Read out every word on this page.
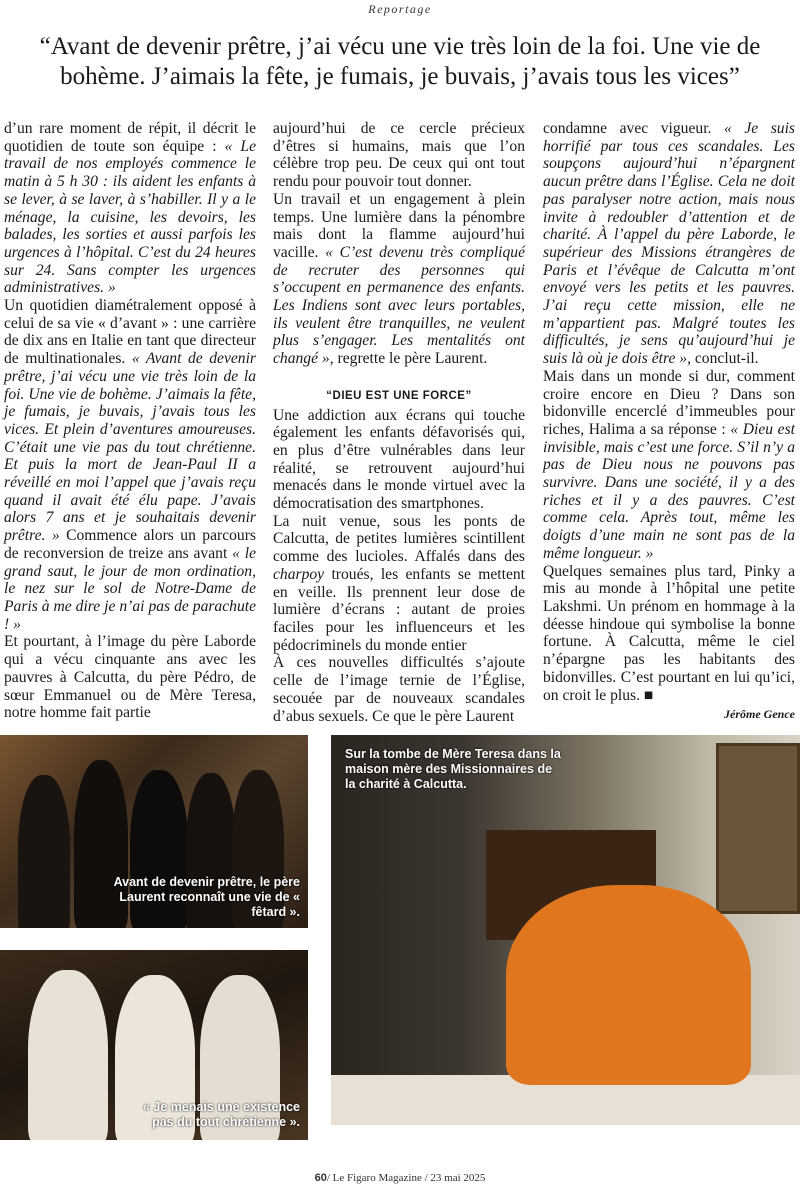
Reportage
“Avant de devenir prêtre, j’ai vécu une vie très loin de la foi. Une vie de bohème. J’aimais la fête, je fumais, je buvais, j’avais tous les vices”

d’un rare moment de répit, il décrit le quotidien de toute son équipe : « Le travail de nos employés commence le matin à 5 h 30 : ils aident les enfants à se lever, à se laver, à s’habiller. Il y a le ménage, la cuisine, les devoirs, les balades, les sorties et aussi parfois les urgences à l’hôpital. C’est du 24 heures sur 24. Sans compter les urgences administratives. »

Un quotidien diamétralement opposé à celui de sa vie « d’avant » : une carrière de dix ans en Italie en tant que directeur de multinationales. « Avant de devenir prêtre, j’ai vécu une vie très loin de la foi. Une vie de bohème. J’aimais la fête, je fumais, je buvais, j’avais tous les vices. Et plein d’aventures amoureuses. C’était une vie pas du tout chrétienne. Et puis la mort de Jean-Paul II a réveillé en moi l’appel que j’avais reçu quand il avait été élu pape. J’avais alors 7 ans et je souhaitais devenir prêtre. » Commence alors un parcours de reconversion de treize ans avant « le grand saut, le jour de mon ordination, le nez sur le sol de Notre-Dame de Paris à me dire je n’ai pas de parachute ! »

Et pourtant, à l’image du père Laborde qui a vécu cinquante ans avec les pauvres à Calcutta, du père Pédro, de sœur Emmanuel ou de Mère Teresa, notre homme fait partie

aujourd’hui de ce cercle précieux d’êtres si humains, mais que l’on célèbre trop peu. De ceux qui ont tout rendu pour pouvoir tout donner.

Un travail et un engagement à plein temps. Une lumière dans la pénombre mais dont la flamme aujourd’hui vacille. « C’est devenu très compliqué de recruter des personnes qui s’occupent en permanence des enfants. Les Indiens sont avec leurs portables, ils veulent être tranquilles, ne veulent plus s’engager. Les mentalités ont changé », regrette le père Laurent.

“DIEU EST UNE FORCE”

Une addiction aux écrans qui touche également les enfants défavorisés qui, en plus d’être vulnérables dans leur réalité, se retrouvent aujourd’hui menacés dans le monde virtuel avec la démocratisation des smartphones.

La nuit venue, sous les ponts de Calcutta, de petites lumières scintillent comme des lucioles. Affalés dans des charpoy troués, les enfants se mettent en veille. Ils prennent leur dose de lumière d’écrans : autant de proies faciles pour les influenceurs et les pédocriminels du monde entier

À ces nouvelles difficultés s’ajoute celle de l’image ternie de l’Église, secouée par de nouveaux scandales d’abus sexuels. Ce que le père Laurent

condamne avec vigueur. « Je suis horrifié par tous ces scandales. Les soupçons aujourd’hui n’épargnent aucun prêtre dans l’Église. Cela ne doit pas paralyser notre action, mais nous invite à redoubler d’attention et de charité. À l’appel du père Laborde, le supérieur des Missions étrangères de Paris et l’évêque de Calcutta m’ont envoyé vers les petits et les pauvres. J’ai reçu cette mission, elle ne m’appartient pas. Malgré toutes les difficultés, je sens qu’aujourd’hui je suis là où je dois être », conclut-il.

Mais dans un monde si dur, comment croire encore en Dieu ? Dans son bidonville encerclé d’immeubles pour riches, Halima a sa réponse : « Dieu est invisible, mais c’est une force. S’il n’y a pas de Dieu nous ne pouvons pas survivre. Dans une société, il y a des riches et il y a des pauvres. C’est comme cela. Après tout, même les doigts d’une main ne sont pas de la même longueur. »

Quelques semaines plus tard, Pinky a mis au monde à l’hôpital une petite Lakshmi. Un prénom en hommage à la déesse hindoue qui symbolise la bonne fortune. À Calcutta, même le ciel n’épargne pas les habitants des bidonvilles. C’est pourtant en lui qu’ici, on croit le plus. ■

Jérôme Gence
Avant de devenir prêtre, le père Laurent reconnaît une vie de « fêtard ».
« Je menais une existence pas du tout chrétienne ».
Sur la tombe de Mère Teresa dans la maison mère des Missionnaires de la charité à Calcutta.
60/ Le Figaro Magazine / 23 mai 2025
